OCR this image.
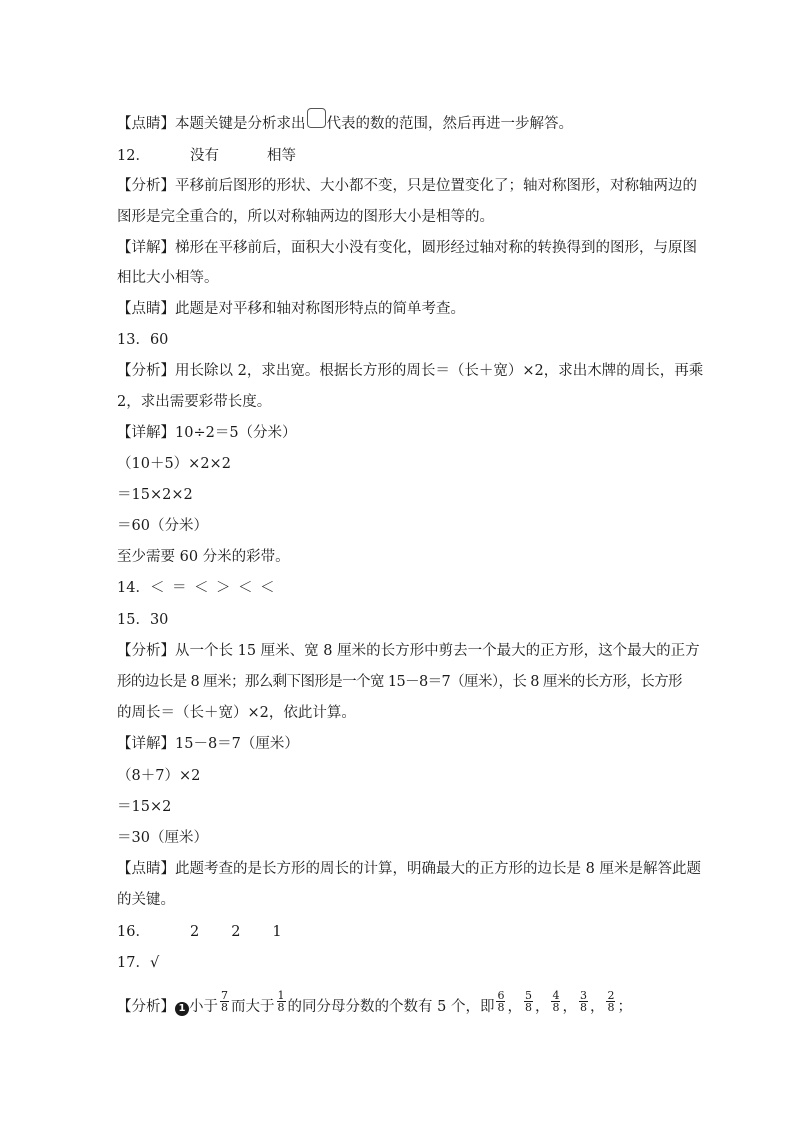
【点睛】本题关键是分析求出 代表的数的范围，然后再进一步解答。
12．	没有	相等
【分析】平移前后图形的形状、大小都不变，只是位置变化了；轴对称图形，对称轴两边的
图形是完全重合的，所以对称轴两边的图形大小是相等的。
【详解】梯形在平移前后，面积大小没有变化，圆形经过轴对称的转换得到的图形，与原图
相比大小相等。
【点睛】此题是对平移和轴对称图形特点的简单考查。
13．60
【分析】用长除以 2，求出宽。根据长方形的周长＝（长＋宽）×2，求出木牌的周长，再乘
2，求出需要彩带长度。
【详解】10÷2＝5（分米）
（10＋5）×2×2
＝15×2×2
＝60（分米）
至少需要 60 分米的彩带。
14．＜ ＝ ＜ ＞ ＜ ＜
15．30
【分析】从一个长 15 厘米、宽 8 厘米的长方形中剪去一个最大的正方形，这个最大的正方
形的边长是 8 厘米；那么剩下图形是一个宽 15－8＝7（厘米），长 8 厘米的长方形，长方形
的周长＝（长＋宽）×2，依此计算。
【详解】15－8＝7（厘米）
（8＋7）×2
＝15×2
＝30（厘米）
【点睛】此题考查的是长方形的周长的计算，明确最大的正方形的边长是 8 厘米是解答此题
的关键。
16．	2 2 1
17．√
【分析】 1 小于 $\frac{7}{8}$ 而大于 $\frac{1}{8}$ 的同分母分数的个数有 5 个，即 $\frac{6}{8}$ ， $\frac{5}{8}$ ， $\frac{4}{8}$ ， $\frac{3}{8}$ ， $\frac{2}{8}$ ；
